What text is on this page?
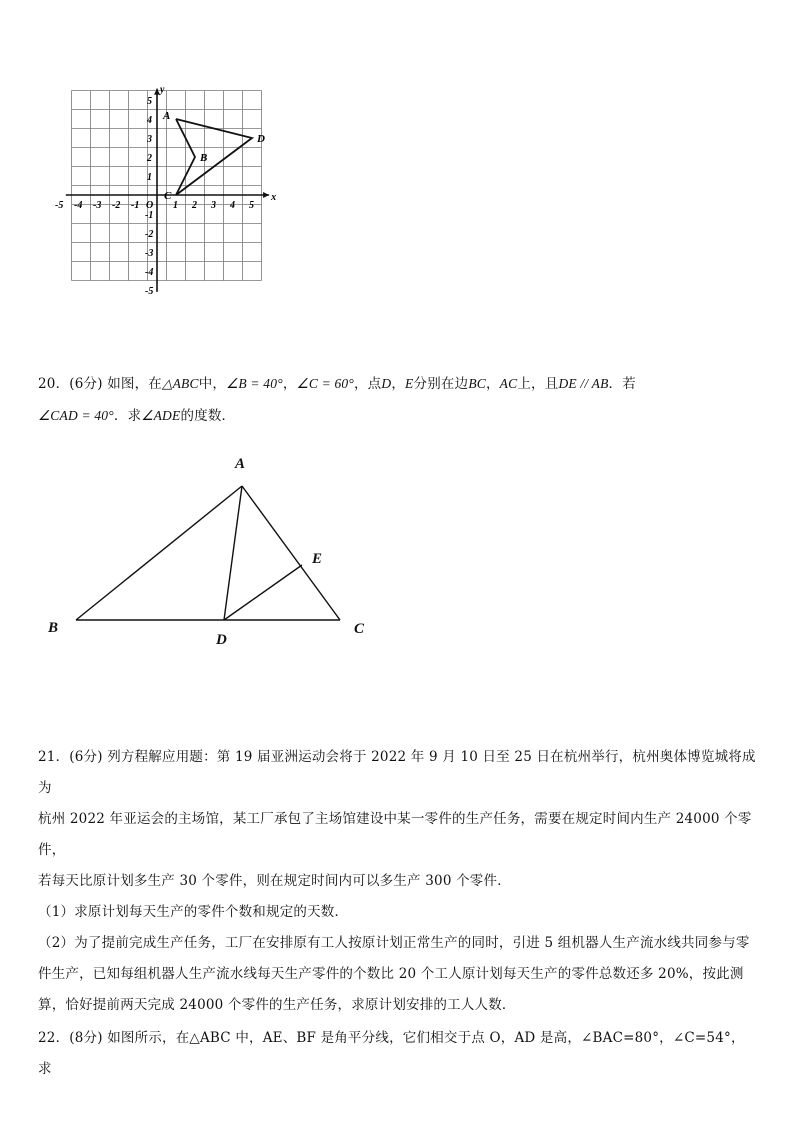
-5 -4 -3 -2 -1	1 2 3 4 5
5
4
3
2
1
-1
-2
-3
-4
-5
O
x
y
A
B
C
D
20．(6分) 如图，在△ABC中，∠B = 40°，∠C = 60°，点D，E分别在边BC，AC上，且DE // AB．若
∠CAD = 40°．求∠ADE的度数．
A
B	C
D
E
21．(6分) 列方程解应用题：第 19 届亚洲运动会将于 2022 年 9 月 10 日至 25 日在杭州举行，杭州奥体博览城将成为
杭州 2022 年亚运会的主场馆，某工厂承包了主场馆建设中某一零件的生产任务，需要在规定时间内生产 24000 个零件，
若每天比原计划多生产 30 个零件，则在规定时间内可以多生产 300 个零件．
（1）求原计划每天生产的零件个数和规定的天数．
（2）为了提前完成生产任务，工厂在安排原有工人按原计划正常生产的同时，引进 5 组机器人生产流水线共同参与零
件生产，已知每组机器人生产流水线每天生产零件的个数比 20 个工人原计划每天生产的零件总数还多 20%，按此测
算，恰好提前两天完成 24000 个零件的生产任务，求原计划安排的工人人数．
22．(8分) 如图所示，在△ABC 中，AE、BF 是角平分线，它们相交于点 O，AD 是高，∠BAC=80°，∠C=54°，求
